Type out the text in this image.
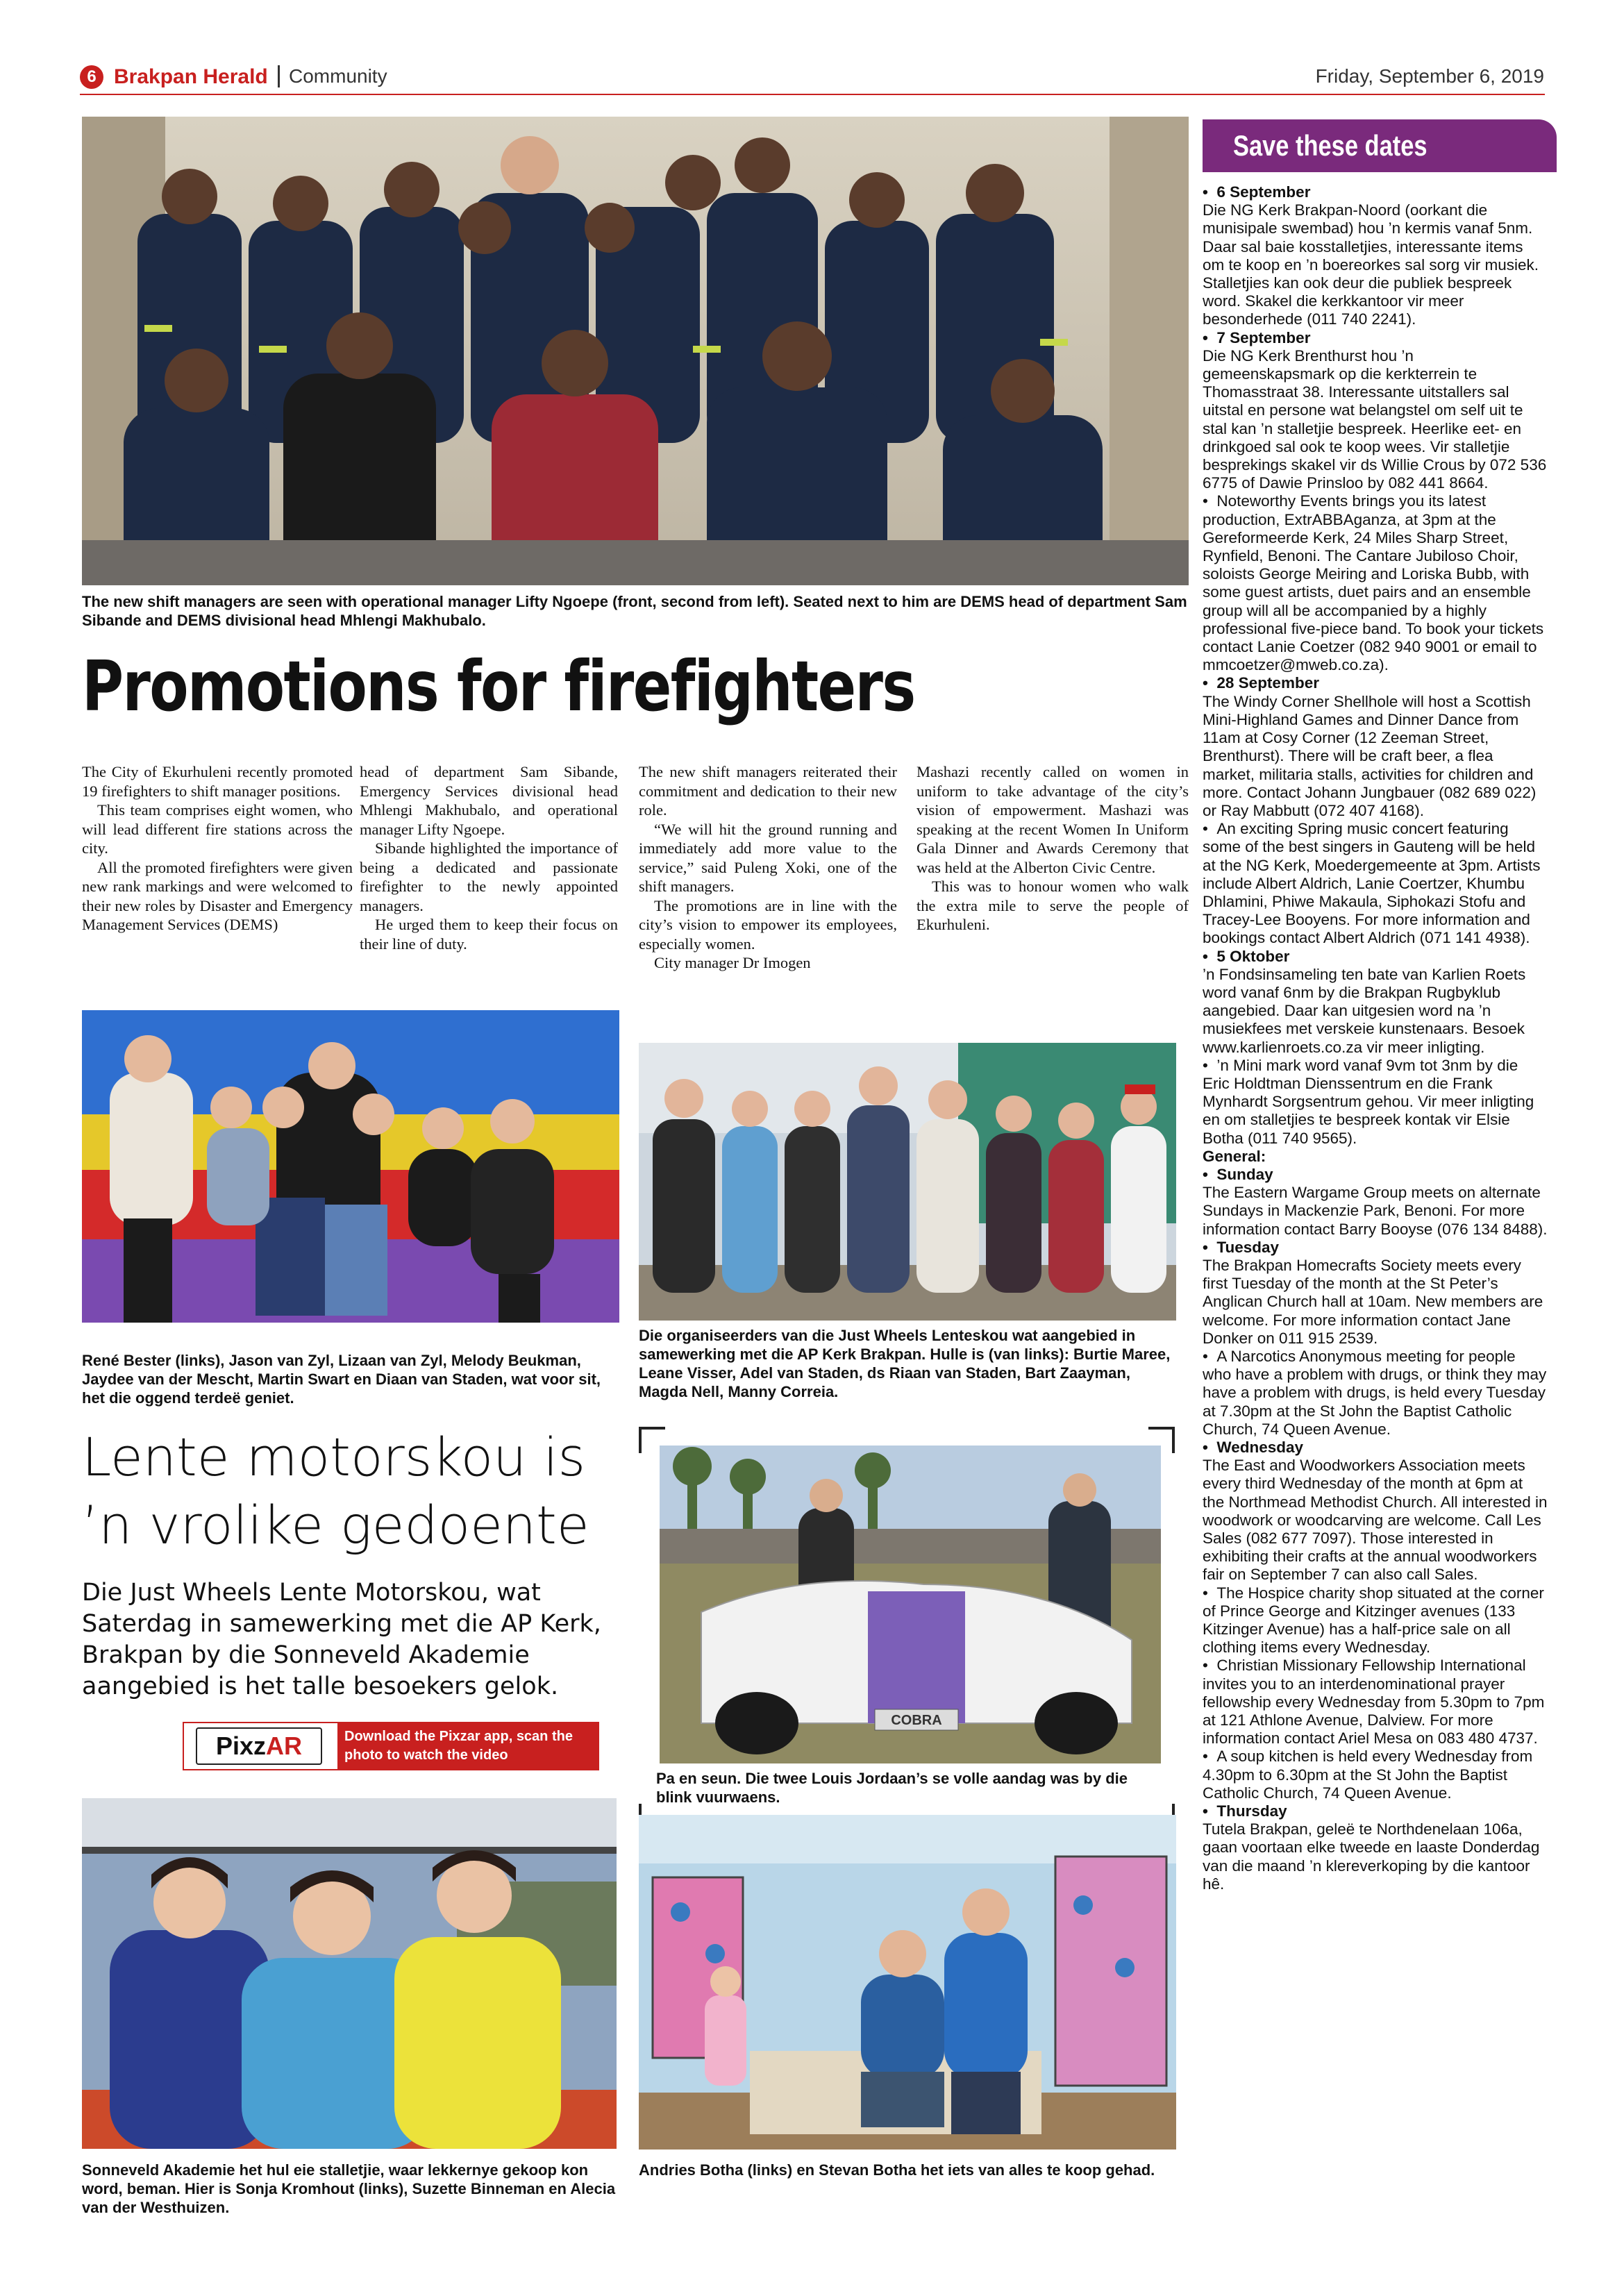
6 Brakpan Herald Community	Friday, September 6, 2019
The new shift managers are seen with operational manager Lifty Ngoepe (front, second from left). Seated next to him are DEMS head of department Sam Sibande and DEMS divisional head Mhlengi Makhubalo.
Promotions for firefighters

The City of Ekurhuleni recently promoted 19 firefighters to shift manager positions.

This team comprises eight women, who will lead different fire stations across the city.

All the promoted firefighters were given new rank markings and were welcomed to their new roles by Disaster and Emergency Management Services (DEMS)

head of department Sam Sibande, Emergency Services divisional head Mhlengi Makhubalo, and operational manager Lifty Ngoepe.

Sibande highlighted the importance of being a dedicated and passionate firefighter to the newly appointed managers.

He urged them to keep their focus on their line of duty.

The new shift managers reiterated their commitment and dedication to their new role.

“We will hit the ground running and immediately add more value to the service,” said Puleng Xoki, one of the shift managers.

The promotions are in line with the city’s vision to empower its employees, especially women.

City manager Dr Imogen

Mashazi recently called on women in uniform to take advantage of the city’s vision of empowerment. Mashazi was speaking at the recent Women In Uniform Gala Dinner and Awards Ceremony that was held at the Alberton Civic Centre.

This was to honour women who walk the extra mile to serve the people of Ekurhuleni.

René Bester (links), Jason van Zyl, Lizaan van Zyl, Melody Beukman, Jaydee van der Mescht, Martin Swart en Diaan van Staden, wat voor sit, het die oggend terdeë geniet.
Die organiseerders van die Just Wheels Lenteskou wat aangebied in samewerking met die AP Kerk Brakpan. Hulle is (van links): Burtie Maree, Leane Visser, Adel van Staden, ds Riaan van Staden, Bart Zaayman, Magda Nell, Manny Correia.
Lente motorskou is
’n vrolike gedoente
Die Just Wheels Lente Motorskou, wat Saterdag in samewerking met die AP Kerk, Brakpan by die Sonneveld Akademie aangebied is het talle besoekers gelok.
PixzAR	Download the Pixzar app, scan the photo to watch the video
COBRA
Pa en seun. Die twee Louis Jordaan’s se volle aandag was by die blink vuurwaens.
Sonneveld Akademie het hul eie stalletjie, waar lekkernye gekoop kon word, beman. Hier is Sonja Kromhout (links), Suzette Binneman en Alecia van der Westhuizen.
Andries Botha (links) en Stevan Botha het iets van alles te koop gehad.
Save these dates
•  6 September
Die NG Kerk Brakpan-Noord (oorkant die munisipale swembad) hou ’n kermis vanaf 5nm. Daar sal baie kosstalletjies, interessante items om te koop en ’n boereorkes sal sorg vir musiek. Stalletjies kan ook deur die publiek bespreek word. Skakel die kerkkantoor vir meer besonderhede (011 740 2241).
•  7 September
Die NG Kerk Brenthurst hou ’n gemeenskapsmark op die kerkterrein te Thomasstraat 38. Interessante uitstallers sal uitstal en persone wat belangstel om self uit te stal kan ’n stalletjie bespreek. Heerlike eet- en drinkgoed sal ook te koop wees. Vir stalletjie besprekings skakel vir ds Willie Crous by 072 536 6775 of Dawie Prinsloo by 082 441 8664.
•  Noteworthy Events brings you its latest production, ExtrABBAganza, at 3pm at the Gereformeerde Kerk, 24 Miles Sharp Street, Rynfield, Benoni. The Cantare Jubiloso Choir, soloists George Meiring and Loriska Bubb, with some guest artists, duet pairs and an ensemble group will all be accompanied by a highly professional five-piece band. To book your tickets contact Lanie Coetzer (082 940 9001 or email to mmcoetzer@mweb.co.za).
•  28 September
The Windy Corner Shellhole will host a Scottish Mini-Highland Games and Dinner Dance from 11am at Cosy Corner (12 Zeeman Street, Brenthurst). There will be craft beer, a flea market, militaria stalls, activities for children and more. Contact Johann Jungbauer (082 689 022) or Ray Mabbutt (072 407 4168).
•  An exciting Spring music concert featuring some of the best singers in Gauteng will be held at the NG Kerk, Moedergemeente at 3pm. Artists include Albert Aldrich, Lanie Coertzer, Khumbu Dhlamini, Phiwe Makaula, Siphokazi Stofu and Tracey-Lee Booyens. For more information and bookings contact Albert Aldrich (071 141 4938).
•  5 Oktober
’n Fondsinsameling ten bate van Karlien Roets word vanaf 6nm by die Brakpan Rugbyklub aangebied. Daar kan uitgesien word na ’n musiekfees met verskeie kunstenaars. Besoek www.karlienroets.co.za vir meer inligting.
•  ’n Mini mark word vanaf 9vm tot 3nm by die Eric Holdtman Dienssentrum en die Frank Mynhardt Sorgsentrum gehou. Vir meer inligting en om stalletjies te bespreek kontak vir Elsie Botha (011 740 9565).
General:
•  Sunday
The Eastern Wargame Group meets on alternate Sundays in Mackenzie Park, Benoni. For more information contact Barry Booyse (076 134 8488).
•  Tuesday
The Brakpan Homecrafts Society meets every first Tuesday of the month at the St Peter’s Anglican Church hall at 10am. New members are welcome. For more information contact Jane Donker on 011 915 2539.
•  A Narcotics Anonymous meeting for people who have a problem with drugs, or think they may have a problem with drugs, is held every Tuesday at 7.30pm at the St John the Baptist Catholic Church, 74 Queen Avenue.
•  Wednesday
The East and Woodworkers Association meets every third Wednesday of the month at 6pm at the Northmead Methodist Church. All interested in woodwork or woodcarving are welcome. Call Les Sales (082 677 7097). Those interested in exhibiting their crafts at the annual woodworkers fair on September 7 can also call Sales.
•  The Hospice charity shop situated at the corner of Prince George and Kitzinger avenues (133 Kitzinger Avenue) has a half-price sale on all clothing items every Wednesday.
•  Christian Missionary Fellowship International invites you to an interdenominational prayer fellowship every Wednesday from 5.30pm to 7pm at 121 Athlone Avenue, Dalview. For more information contact Ariel Mesa on 083 480 4737.
•  A soup kitchen is held every Wednesday from 4.30pm to 6.30pm at the St John the Baptist Catholic Church, 74 Queen Avenue.
•  Thursday
Tutela Brakpan, geleë te Northdenelaan 106a, gaan voortaan elke tweede en laaste Donderdag van die maand ’n klereverkoping by die kantoor hê.
